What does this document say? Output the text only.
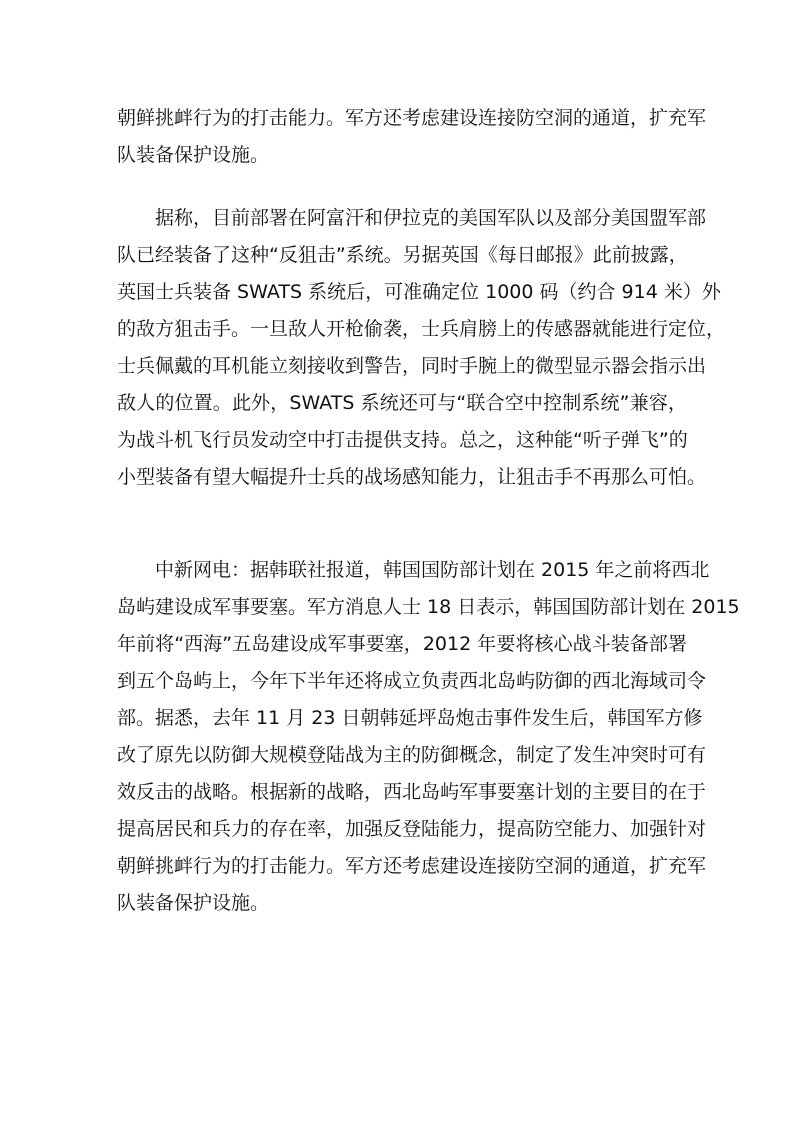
朝鲜挑衅行为的打击能力。军方还考虑建设连接防空洞的通道，扩充军
队装备保护设施。
据称，目前部署在阿富汗和伊拉克的美国军队以及部分美国盟军部
队已经装备了这种“反狙击”系统。另据英国《每日邮报》此前披露，
英国士兵装备 SWATS 系统后，可准确定位 1000 码（约合 914 米）外
的敌方狙击手。一旦敌人开枪偷袭，士兵肩膀上的传感器就能进行定位，
士兵佩戴的耳机能立刻接收到警告，同时手腕上的微型显示器会指示出
敌人的位置。此外，SWATS 系统还可与“联合空中控制系统”兼容，
为战斗机飞行员发动空中打击提供支持。总之，这种能“听子弹飞”的
小型装备有望大幅提升士兵的战场感知能力，让狙击手不再那么可怕。
中新网电：据韩联社报道，韩国国防部计划在 2015 年之前将西北
岛屿建设成军事要塞。军方消息人士 18 日表示，韩国国防部计划在 2015
年前将“西海”五岛建设成军事要塞，2012 年要将核心战斗装备部署
到五个岛屿上，今年下半年还将成立负责西北岛屿防御的西北海域司令
部。据悉，去年 11 月 23 日朝韩延坪岛炮击事件发生后，韩国军方修
改了原先以防御大规模登陆战为主的防御概念，制定了发生冲突时可有
效反击的战略。根据新的战略，西北岛屿军事要塞计划的主要目的在于
提高居民和兵力的存在率，加强反登陆能力，提高防空能力、加强针对
朝鲜挑衅行为的打击能力。军方还考虑建设连接防空洞的通道，扩充军
队装备保护设施。
